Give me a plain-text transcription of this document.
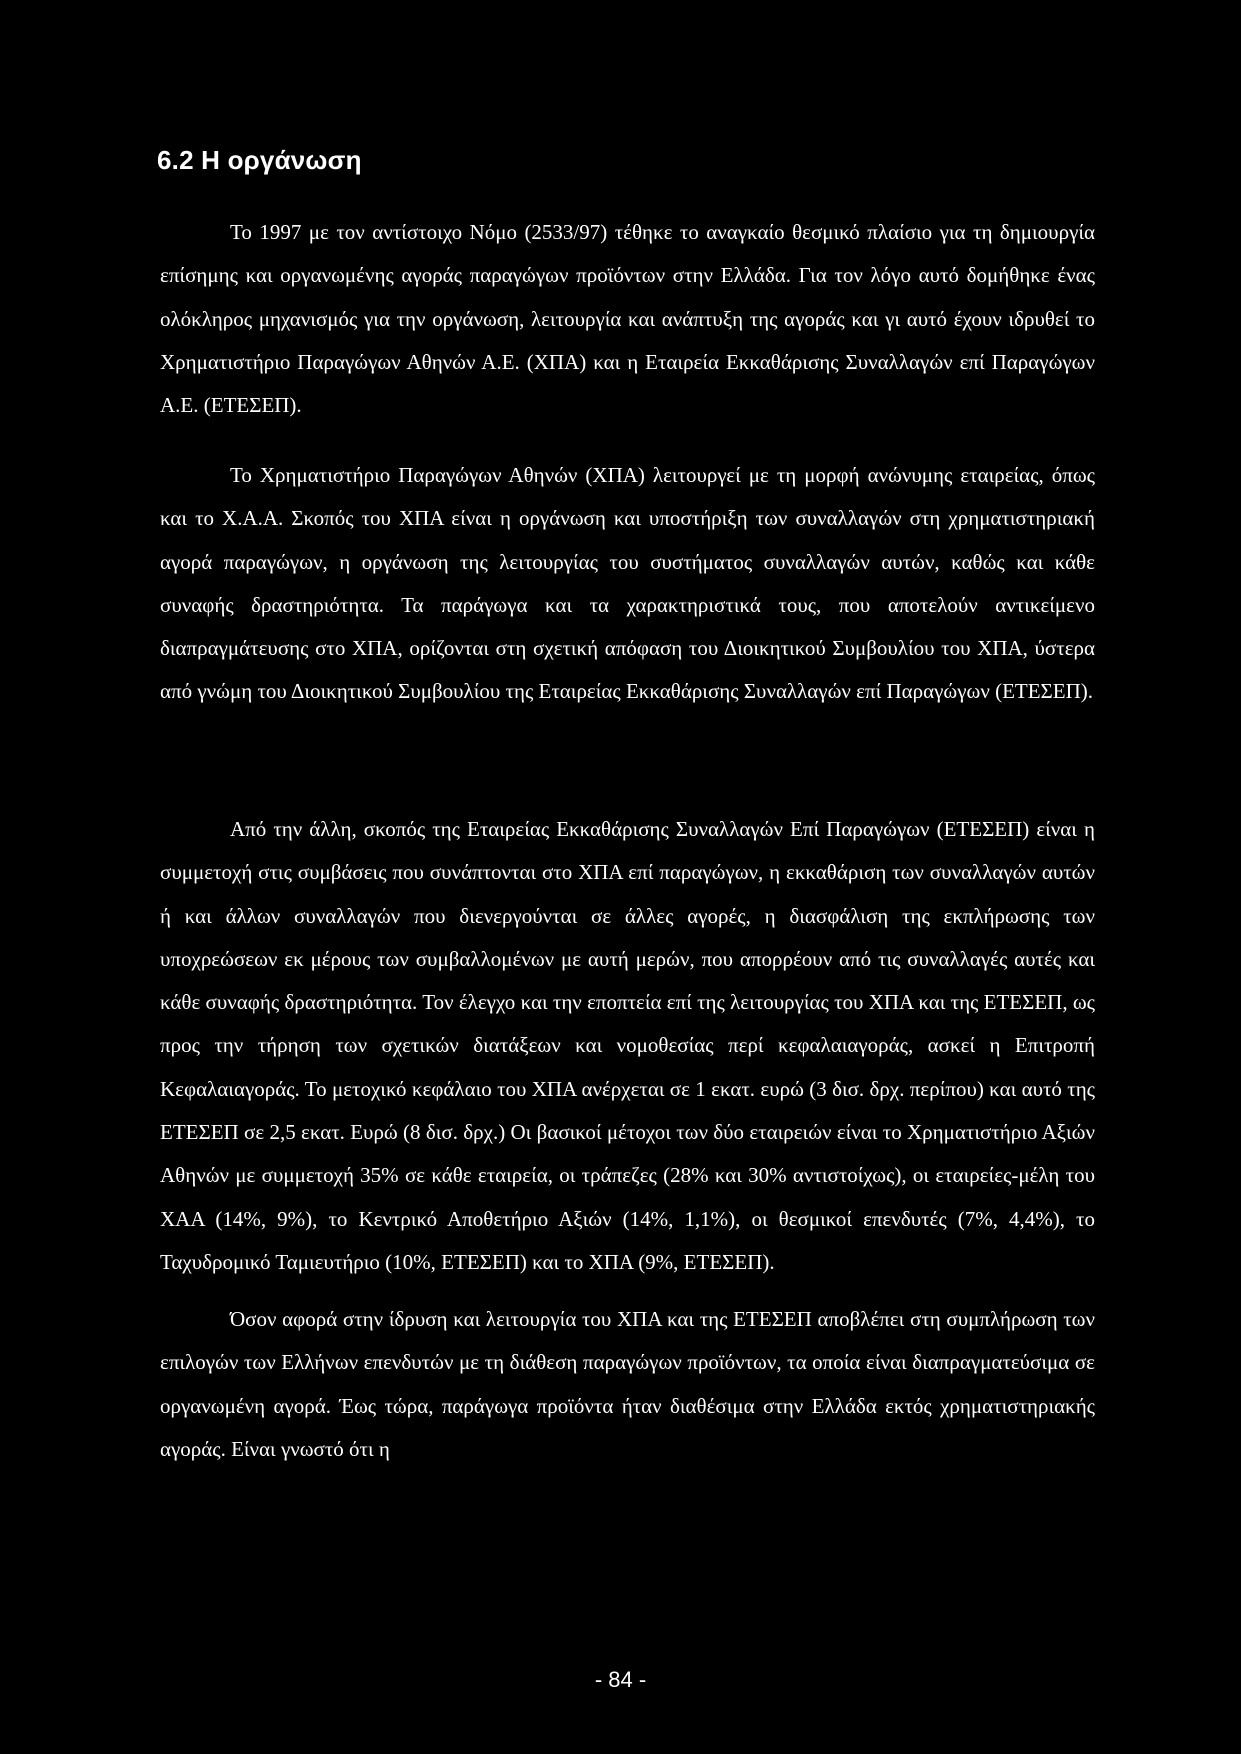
6.2 Η οργάνωση

Το 1997 με τον αντίστοιχο Νόμο (2533/97) τέθηκε το αναγκαίο θεσμικό πλαίσιο για τη δημιουργία επίσημης και οργανωμένης αγοράς παραγώγων προϊόντων στην Ελλάδα. Για τον λόγο αυτό δομήθηκε ένας ολόκληρος μηχανισμός για την οργάνωση, λειτουργία και ανάπτυξη της αγοράς και γι αυτό έχουν ιδρυθεί το Χρηματιστήριο Παραγώγων Αθηνών Α.Ε. (ΧΠΑ) και η Εταιρεία Εκκαθάρισης Συναλλαγών επί Παραγώγων Α.Ε. (ΕΤΕΣΕΠ).

Το Χρηματιστήριο Παραγώγων Αθηνών (ΧΠΑ) λειτουργεί με τη μορφή ανώνυμης εταιρείας, όπως και το Χ.Α.Α. Σκοπός του ΧΠΑ είναι η οργάνωση και υποστήριξη των συναλλαγών στη χρηματιστηριακή αγορά παραγώγων, η οργάνωση της λειτουργίας του συστήματος συναλλαγών αυτών, καθώς και κάθε συναφής δραστηριότητα. Τα παράγωγα και τα χαρακτηριστικά τους, που αποτελούν αντικείμενο διαπραγμάτευσης στο ΧΠΑ, ορίζονται στη σχετική απόφαση του Διοικητικού Συμβουλίου του ΧΠΑ, ύστερα από γνώμη του Διοικητικού Συμβουλίου της Εταιρείας Εκκαθάρισης Συναλλαγών επί Παραγώγων (ΕΤΕΣΕΠ).

Από την άλλη, σκοπός της Εταιρείας Εκκαθάρισης Συναλλαγών Επί Παραγώγων (ΕΤΕΣΕΠ) είναι η συμμετοχή στις συμβάσεις που συνάπτονται στο ΧΠΑ επί παραγώγων, η εκκαθάριση των συναλλαγών αυτών ή και άλλων συναλλαγών που διενεργούνται σε άλλες αγορές, η διασφάλιση της εκπλήρωσης των υποχρεώσεων εκ μέρους των συμβαλλομένων με αυτή μερών, που απορρέουν από τις συναλλαγές αυτές και κάθε συναφής δραστηριότητα. Τον έλεγχο και την εποπτεία επί της λειτουργίας του ΧΠΑ και της ΕΤΕΣΕΠ, ως προς την τήρηση των σχετικών διατάξεων και νομοθεσίας περί κεφαλαιαγοράς, ασκεί η Επιτροπή Κεφαλαιαγοράς. Το μετοχικό κεφάλαιο του ΧΠΑ ανέρχεται σε 1 εκατ. ευρώ (3 δισ. δρχ. περίπου) και αυτό της ΕΤΕΣΕΠ σε 2,5 εκατ. Ευρώ (8 δισ. δρχ.) Οι βασικοί μέτοχοι των δύο εταιρειών είναι το Χρηματιστήριο Αξιών Αθηνών με συμμετοχή 35% σε κάθε εταιρεία, οι τράπεζες (28% και 30% αντιστοίχως), οι εταιρείες-μέλη του ΧΑΑ (14%, 9%), το Κεντρικό Αποθετήριο Αξιών (14%, 1,1%), οι θεσμικοί επενδυτές (7%, 4,4%), το Ταχυδρομικό Ταμιευτήριο (10%, ΕΤΕΣΕΠ) και το ΧΠΑ (9%, ΕΤΕΣΕΠ).

Όσον αφορά στην ίδρυση και λειτουργία του ΧΠΑ και της ΕΤΕΣΕΠ αποβλέπει στη συμπλήρωση των επιλογών των Ελλήνων επενδυτών με τη διάθεση παραγώγων προϊόντων, τα οποία είναι διαπραγματεύσιμα σε οργανωμένη αγορά. Έως τώρα, παράγωγα προϊόντα ήταν διαθέσιμα στην Ελλάδα εκτός χρηματιστηριακής αγοράς. Είναι γνωστό ότι η

- 84 -
